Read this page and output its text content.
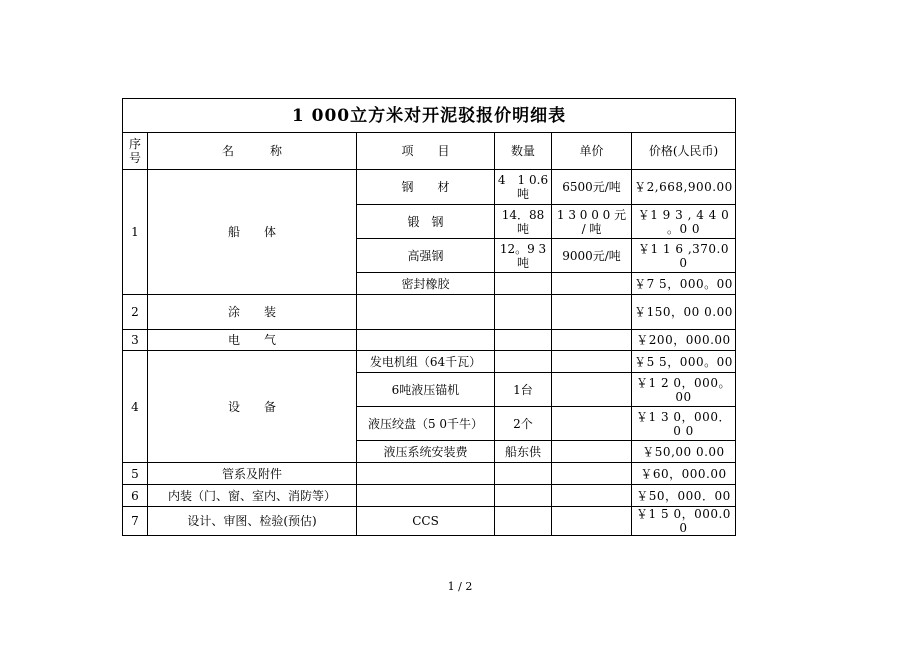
1 000立方米对开泥驳报价明细表					
序号	名　　　称	项　　目	数量	单价	价格(人民币)
1	船　　体	钢　　材	4　1 0.6吨	6500元/吨	￥2,668,900.00
		锻　钢	14．88吨	1 3 0 0 0 元 / 吨	￥1 9 3 , 4 4 0 。0 0
		高强钢	12。9 3吨	9000元/吨	￥1 1 6 ,370.00
		密封橡胶			￥7 5，000。00
2	涂　　装				￥150，00 0.00
3	电　　气				￥200，000.00
4	设　　备	发电机组（64千瓦）			￥5 5，000。00
		6吨液压锚机	1台		￥1 2 0，000。00
		液压绞盘（5 0千牛）	2个		￥1 3 0，000．0 0
		液压系统安装费	船东供		￥50,00 0.00
5	管系及附件				￥60，000.00
6	内装（门、窗、室内、消防等）				￥50，000．00
7	设计、审图、检验(预估)	CCS			￥1 5 0，000.00
1 / 2
